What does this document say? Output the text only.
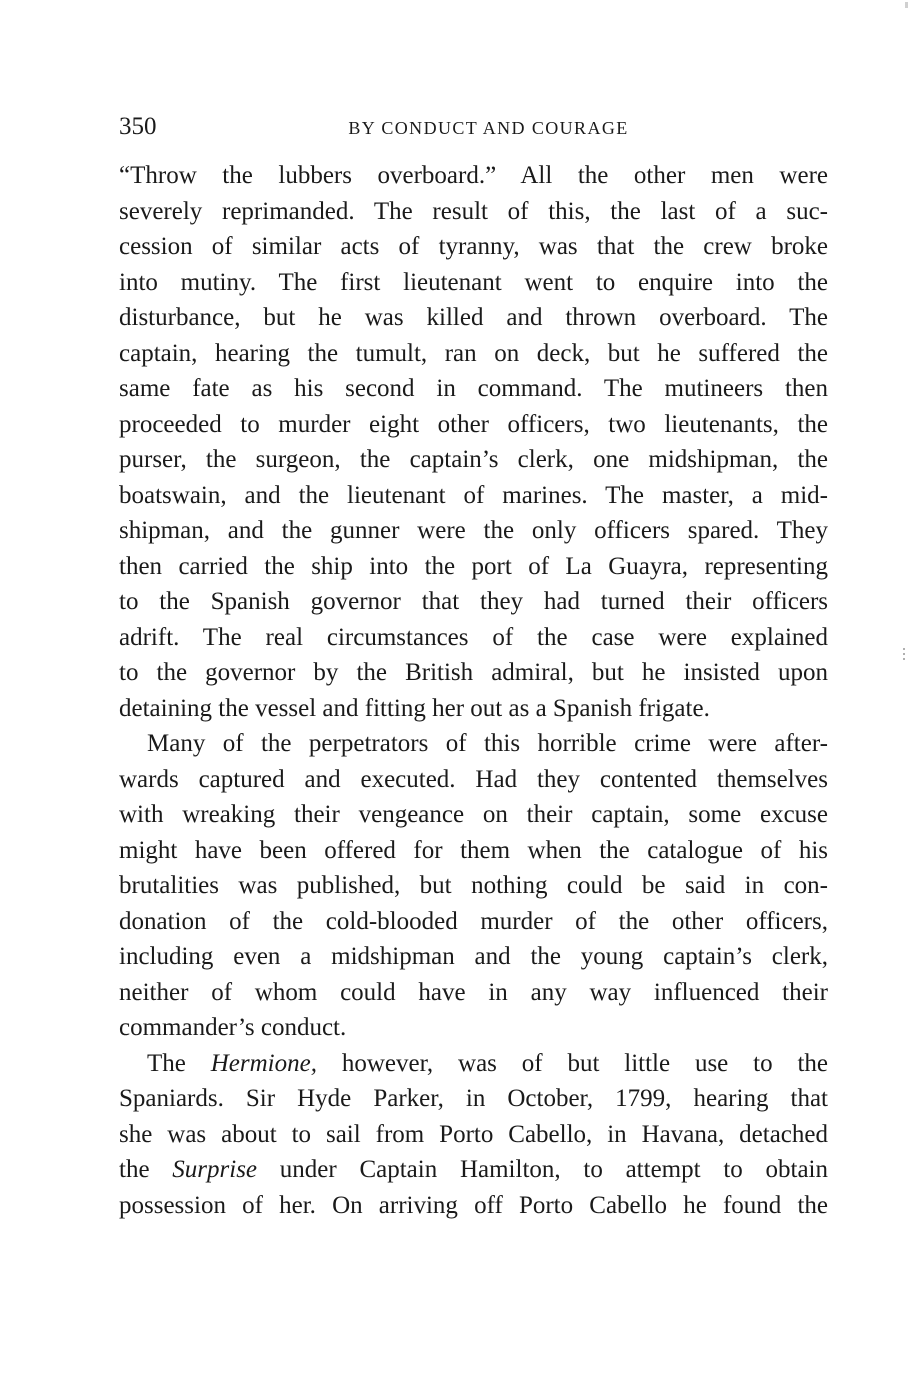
350	BY CONDUCT AND COURAGE

“Throw the lubbers overboard.” All the other men were

severely reprimanded. The result of this, the last of a suc-

cession of similar acts of tyranny, was that the crew broke

into mutiny. The first lieutenant went to enquire into the

disturbance, but he was killed and thrown overboard. The

captain, hearing the tumult, ran on deck, but he suffered the

same fate as his second in command. The mutineers then

proceeded to murder eight other officers, two lieutenants, the

purser, the surgeon, the captain’s clerk, one midshipman, the

boatswain, and the lieutenant of marines. The master, a mid-

shipman, and the gunner were the only officers spared. They

then carried the ship into the port of La Guayra, representing

to the Spanish governor that they had turned their officers

adrift. The real circumstances of the case were explained

to the governor by the British admiral, but he insisted upon

detaining the vessel and fitting her out as a Spanish frigate.

Many of the perpetrators of this horrible crime were after-

wards captured and executed. Had they contented themselves

with wreaking their vengeance on their captain, some excuse

might have been offered for them when the catalogue of his

brutalities was published, but nothing could be said in con-

donation of the cold-blooded murder of the other officers,

including even a midshipman and the young captain’s clerk,

neither of whom could have in any way influenced their

commander’s conduct.

The Hermione, however, was of but little use to the

Spaniards. Sir Hyde Parker, in October, 1799, hearing that

she was about to sail from Porto Cabello, in Havana, detached

the Surprise under Captain Hamilton, to attempt to obtain

possession of her. On arriving off Porto Cabello he found the
